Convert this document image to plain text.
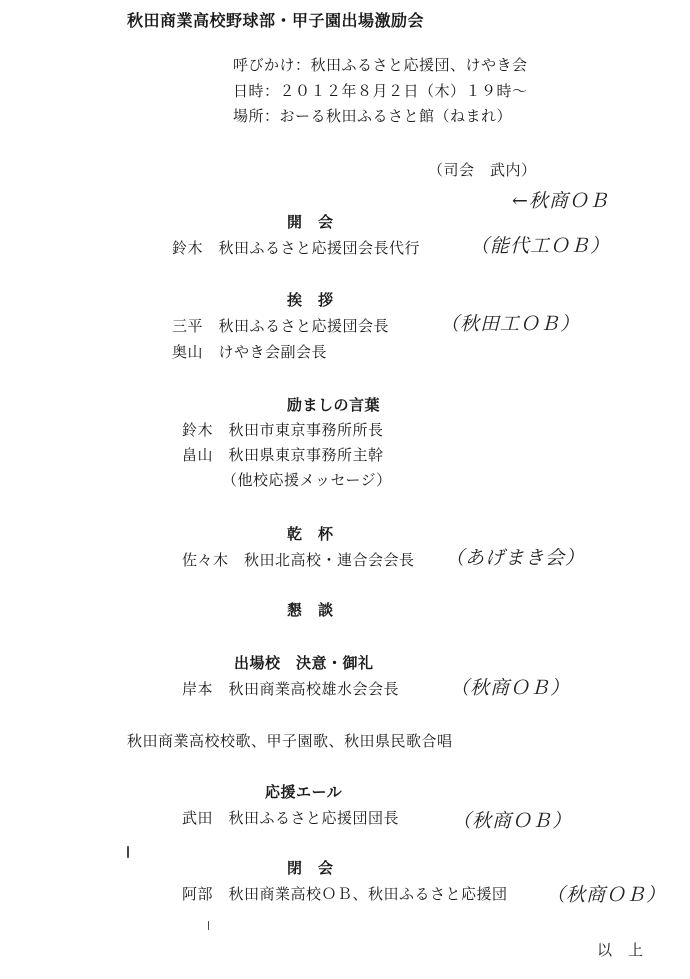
秋田商業高校野球部・甲子園出場激励会
呼びかけ：秋田ふるさと応援団、けやき会
日時：２０１２年８月２日（木）１９時～
場所：おーる秋田ふるさと館（ねまれ）
（司会　武内）
←秋商ＯＢ
開　会
鈴木　秋田ふるさと応援団会長代行	（能代工ＯＢ）
挨　拶
三平　秋田ふるさと応援団会長	（秋田工ＯＢ）
奥山　けやき会副会長
励ましの言葉
鈴木　秋田市東京事務所所長
畠山　秋田県東京事務所主幹
（他校応援メッセージ）
乾　杯
佐々木　秋田北高校・連合会会長 （あげまき会）
懇　談
出場校　決意・御礼
岸本　秋田商業高校雄水会会長	（秋商ＯＢ）
秋田商業高校校歌、甲子園歌、秋田県民歌合唱
応援エール
武田　秋田ふるさと応援団団長	（秋商ＯＢ）
閉　会
阿部　秋田商業高校ＯＢ、秋田ふるさと応援団 （秋商ＯＢ）
以　上
